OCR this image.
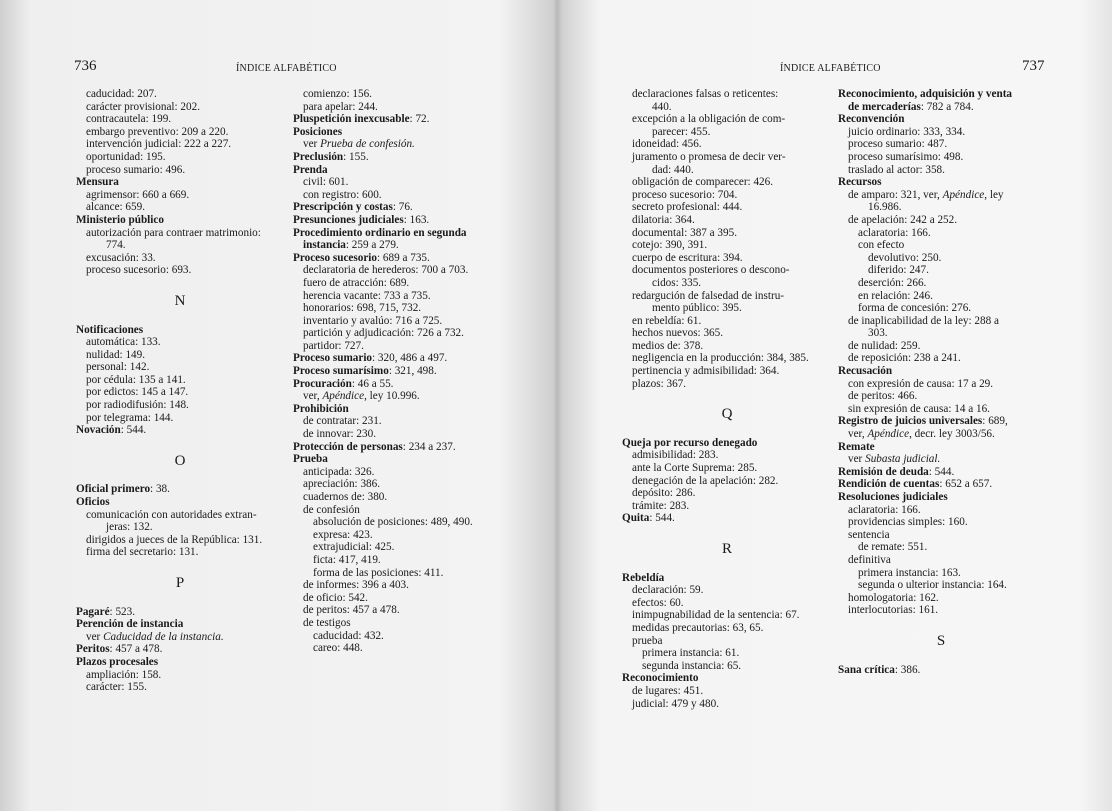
736	ÍNDICE ALFABÉTICO
caducidad: 207.
carácter provisional: 202.
contracautela: 199.
embargo preventivo: 209 a 220.
intervención judicial: 222 a 227.
oportunidad: 195.
proceso sumario: 496.
Mensura
agrimensor: 660 a 669.
alcance: 659.
Ministerio público
autorización para contraer matrimonio:
774.
excusación: 33.
proceso sucesorio: 693.
N
Notificaciones
automática: 133.
nulidad: 149.
personal: 142.
por cédula: 135 a 141.
por edictos: 145 a 147.
por radiodifusión: 148.
por telegrama: 144.
Novación: 544.
O
Oficial primero: 38.
Oficios
comunicación con autoridades extran-
jeras: 132.
dirigidos a jueces de la República: 131.
firma del secretario: 131.
P
Pagaré: 523.
Perención de instancia
ver Caducidad de la instancia.
Peritos: 457 a 478.
Plazos procesales
ampliación: 158.
carácter: 155.
comienzo: 156.
para apelar: 244.
Pluspetición inexcusable: 72.
Posiciones
ver Prueba de confesión.
Preclusión: 155.
Prenda
civil: 601.
con registro: 600.
Prescripción y costas: 76.
Presunciones judiciales: 163.
Procedimiento ordinario en segunda
instancia: 259 a 279.
Proceso sucesorio: 689 a 735.
declaratoria de herederos: 700 a 703.
fuero de atracción: 689.
herencia vacante: 733 a 735.
honorarios: 698, 715, 732.
inventario y avalúo: 716 a 725.
partición y adjudicación: 726 a 732.
partidor: 727.
Proceso sumario: 320, 486 a 497.
Proceso sumarísimo: 321, 498.
Procuración: 46 a 55.
ver, Apéndice, ley 10.996.
Prohibición
de contratar: 231.
de innovar: 230.
Protección de personas: 234 a 237.
Prueba
anticipada: 326.
apreciación: 386.
cuadernos de: 380.
de confesión
absolución de posiciones: 489, 490.
expresa: 423.
extrajudicial: 425.
ficta: 417, 419.
forma de las posiciones: 411.
de informes: 396 a 403.
de oficio: 542.
de peritos: 457 a 478.
de testigos
caducidad: 432.
careo: 448.
737
ÍNDICE ALFABÉTICO
declaraciones falsas o reticentes:
440.
excepción a la obligación de com-
parecer: 455.
idoneidad: 456.
juramento o promesa de decir ver-
dad: 440.
obligación de comparecer: 426.
proceso sucesorio: 704.
secreto profesional: 444.
dilatoria: 364.
documental: 387 a 395.
cotejo: 390, 391.
cuerpo de escritura: 394.
documentos posteriores o descono-
cidos: 335.
redargución de falsedad de instru-
mento público: 395.
en rebeldía: 61.
hechos nuevos: 365.
medios de: 378.
negligencia en la producción: 384, 385.
pertinencia y admisibilidad: 364.
plazos: 367.
Q
Queja por recurso denegado
admisibilidad: 283.
ante la Corte Suprema: 285.
denegación de la apelación: 282.
depósito: 286.
trámite: 283.
Quita: 544.
R
Rebeldía
declaración: 59.
efectos: 60.
inimpugnabilidad de la sentencia: 67.
medidas precautorias: 63, 65.
prueba
primera instancia: 61.
segunda instancia: 65.
Reconocimiento
de lugares: 451.
judicial: 479 y 480.
Reconocimiento, adquisición y venta
de mercaderías: 782 a 784.
Reconvención
juicio ordinario: 333, 334.
proceso sumario: 487.
proceso sumarísimo: 498.
traslado al actor: 358.
Recursos
de amparo: 321, ver, Apéndice, ley
16.986.
de apelación: 242 a 252.
aclaratoria: 166.
con efecto
devolutivo: 250.
diferido: 247.
deserción: 266.
en relación: 246.
forma de concesión: 276.
de inaplicabilidad de la ley: 288 a
303.
de nulidad: 259.
de reposición: 238 a 241.
Recusación
con expresión de causa: 17 a 29.
de peritos: 466.
sin expresión de causa: 14 a 16.
Registro de juicios universales: 689,
ver, Apéndice, decr. ley 3003/56.
Remate
ver Subasta judicial.
Remisión de deuda: 544.
Rendición de cuentas: 652 a 657.
Resoluciones judiciales
aclaratoria: 166.
providencias simples: 160.
sentencia
de remate: 551.
definitiva
primera instancia: 163.
segunda o ulterior instancia: 164.
homologatoria: 162.
interlocutorias: 161.
S
Sana crítica: 386.
